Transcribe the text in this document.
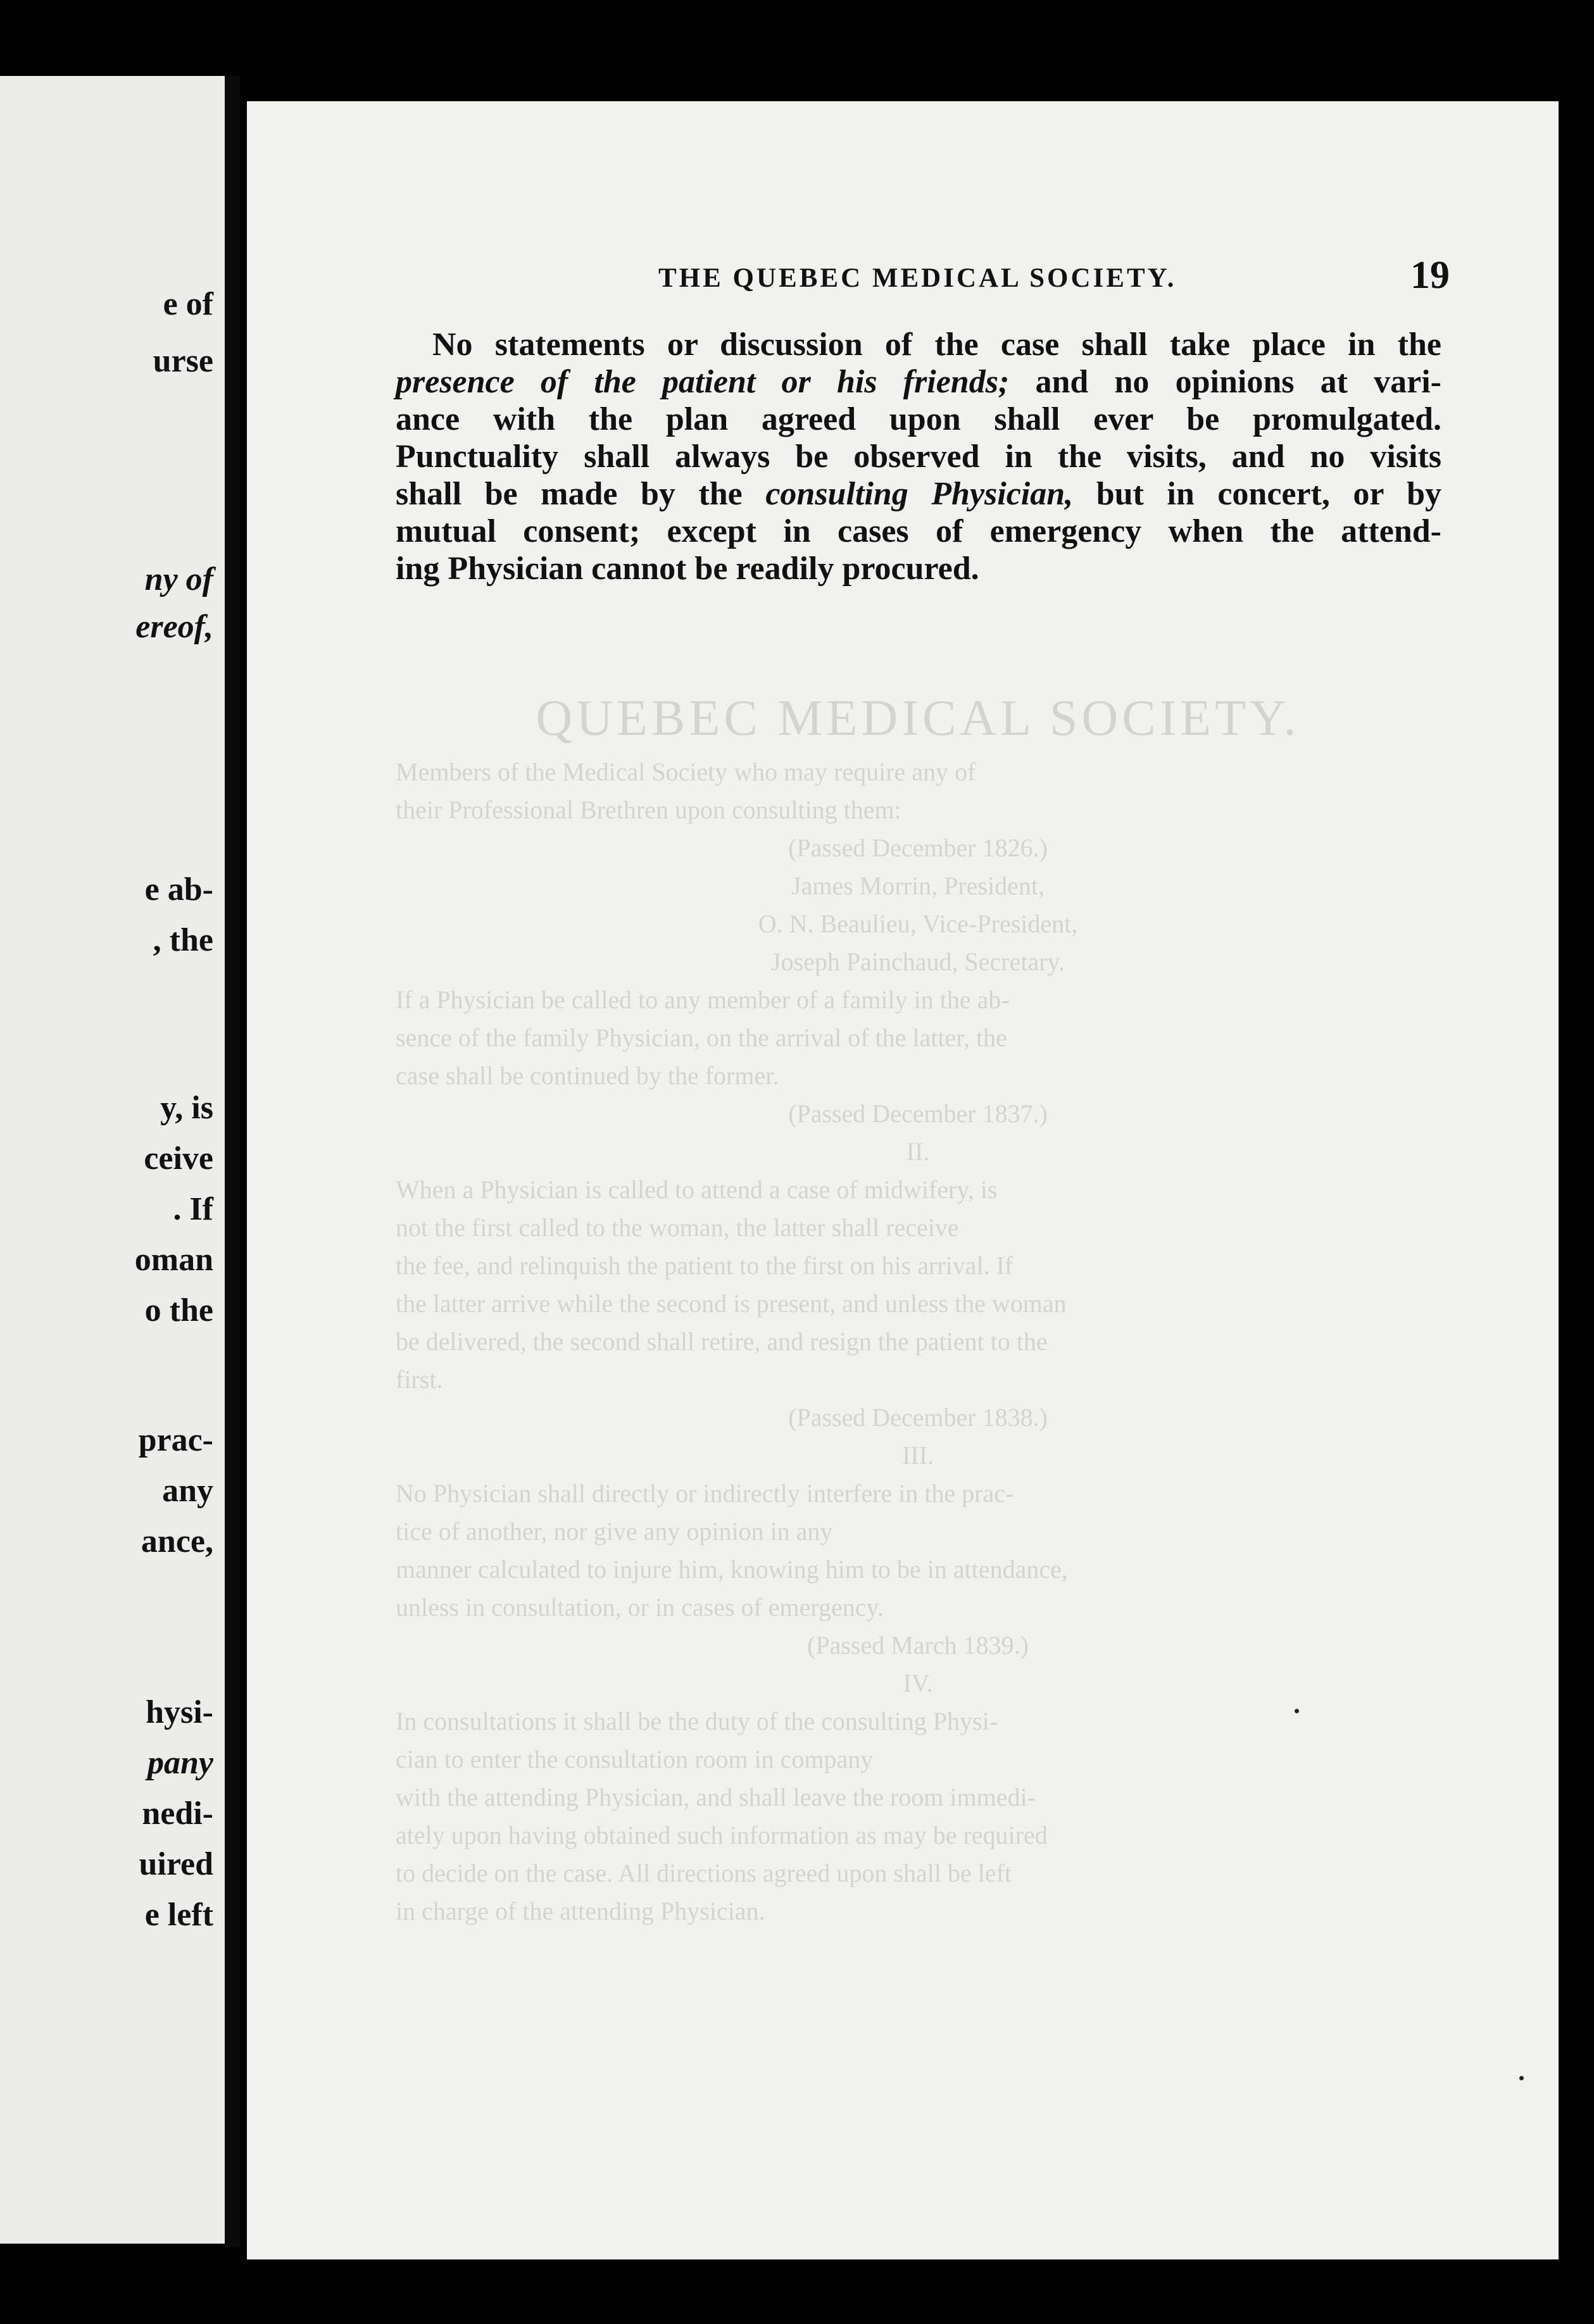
e of
urse
ny of
ereof,
e ab-
, the
y, is
ceive
. If
oman
o the
prac-
any
ance,
hysi-
pany
nedi-
uired
e left
QUEBEC MEDICAL SOCIETY.
Members of the Medical Society who may require any of
their Professional Brethren upon consulting them:
(Passed December 1826.)
James Morrin, President,
O. N. Beaulieu, Vice-President,
Joseph Painchaud, Secretary.
If a Physician be called to any member of a family in the ab-
sence of the family Physician, on the arrival of the latter, the
case shall be continued by the former.
(Passed December 1837.)
II.
When a Physician is called to attend a case of midwifery, is
not the first called to the woman, the latter shall receive
the fee, and relinquish the patient to the first on his arrival. If
the latter arrive while the second is present, and unless the woman
be delivered, the second shall retire, and resign the patient to the
first.
(Passed December 1838.)
III.
No Physician shall directly or indirectly interfere in the prac-
tice of another, nor give any opinion in any
manner calculated to injure him, knowing him to be in attendance,
unless in consultation, or in cases of emergency.
(Passed March 1839.)
IV.
In consultations it shall be the duty of the consulting Physi-
cian to enter the consultation room in company
with the attending Physician, and shall leave the room immedi-
ately upon having obtained such information as may be required
to decide on the case. All directions agreed upon shall be left
in charge of the attending Physician.
THE QUEBEC MEDICAL SOCIETY.	19
No statements or discussion of the case shall take place in the
presence of the patient or his friends; and no opinions at vari-
ance with the plan agreed upon shall ever be promulgated.
Punctuality shall always be observed in the visits, and no visits
shall be made by the consulting Physician, but in concert, or by
mutual consent; except in cases of emergency when the attend-
ing Physician cannot be readily procured.
